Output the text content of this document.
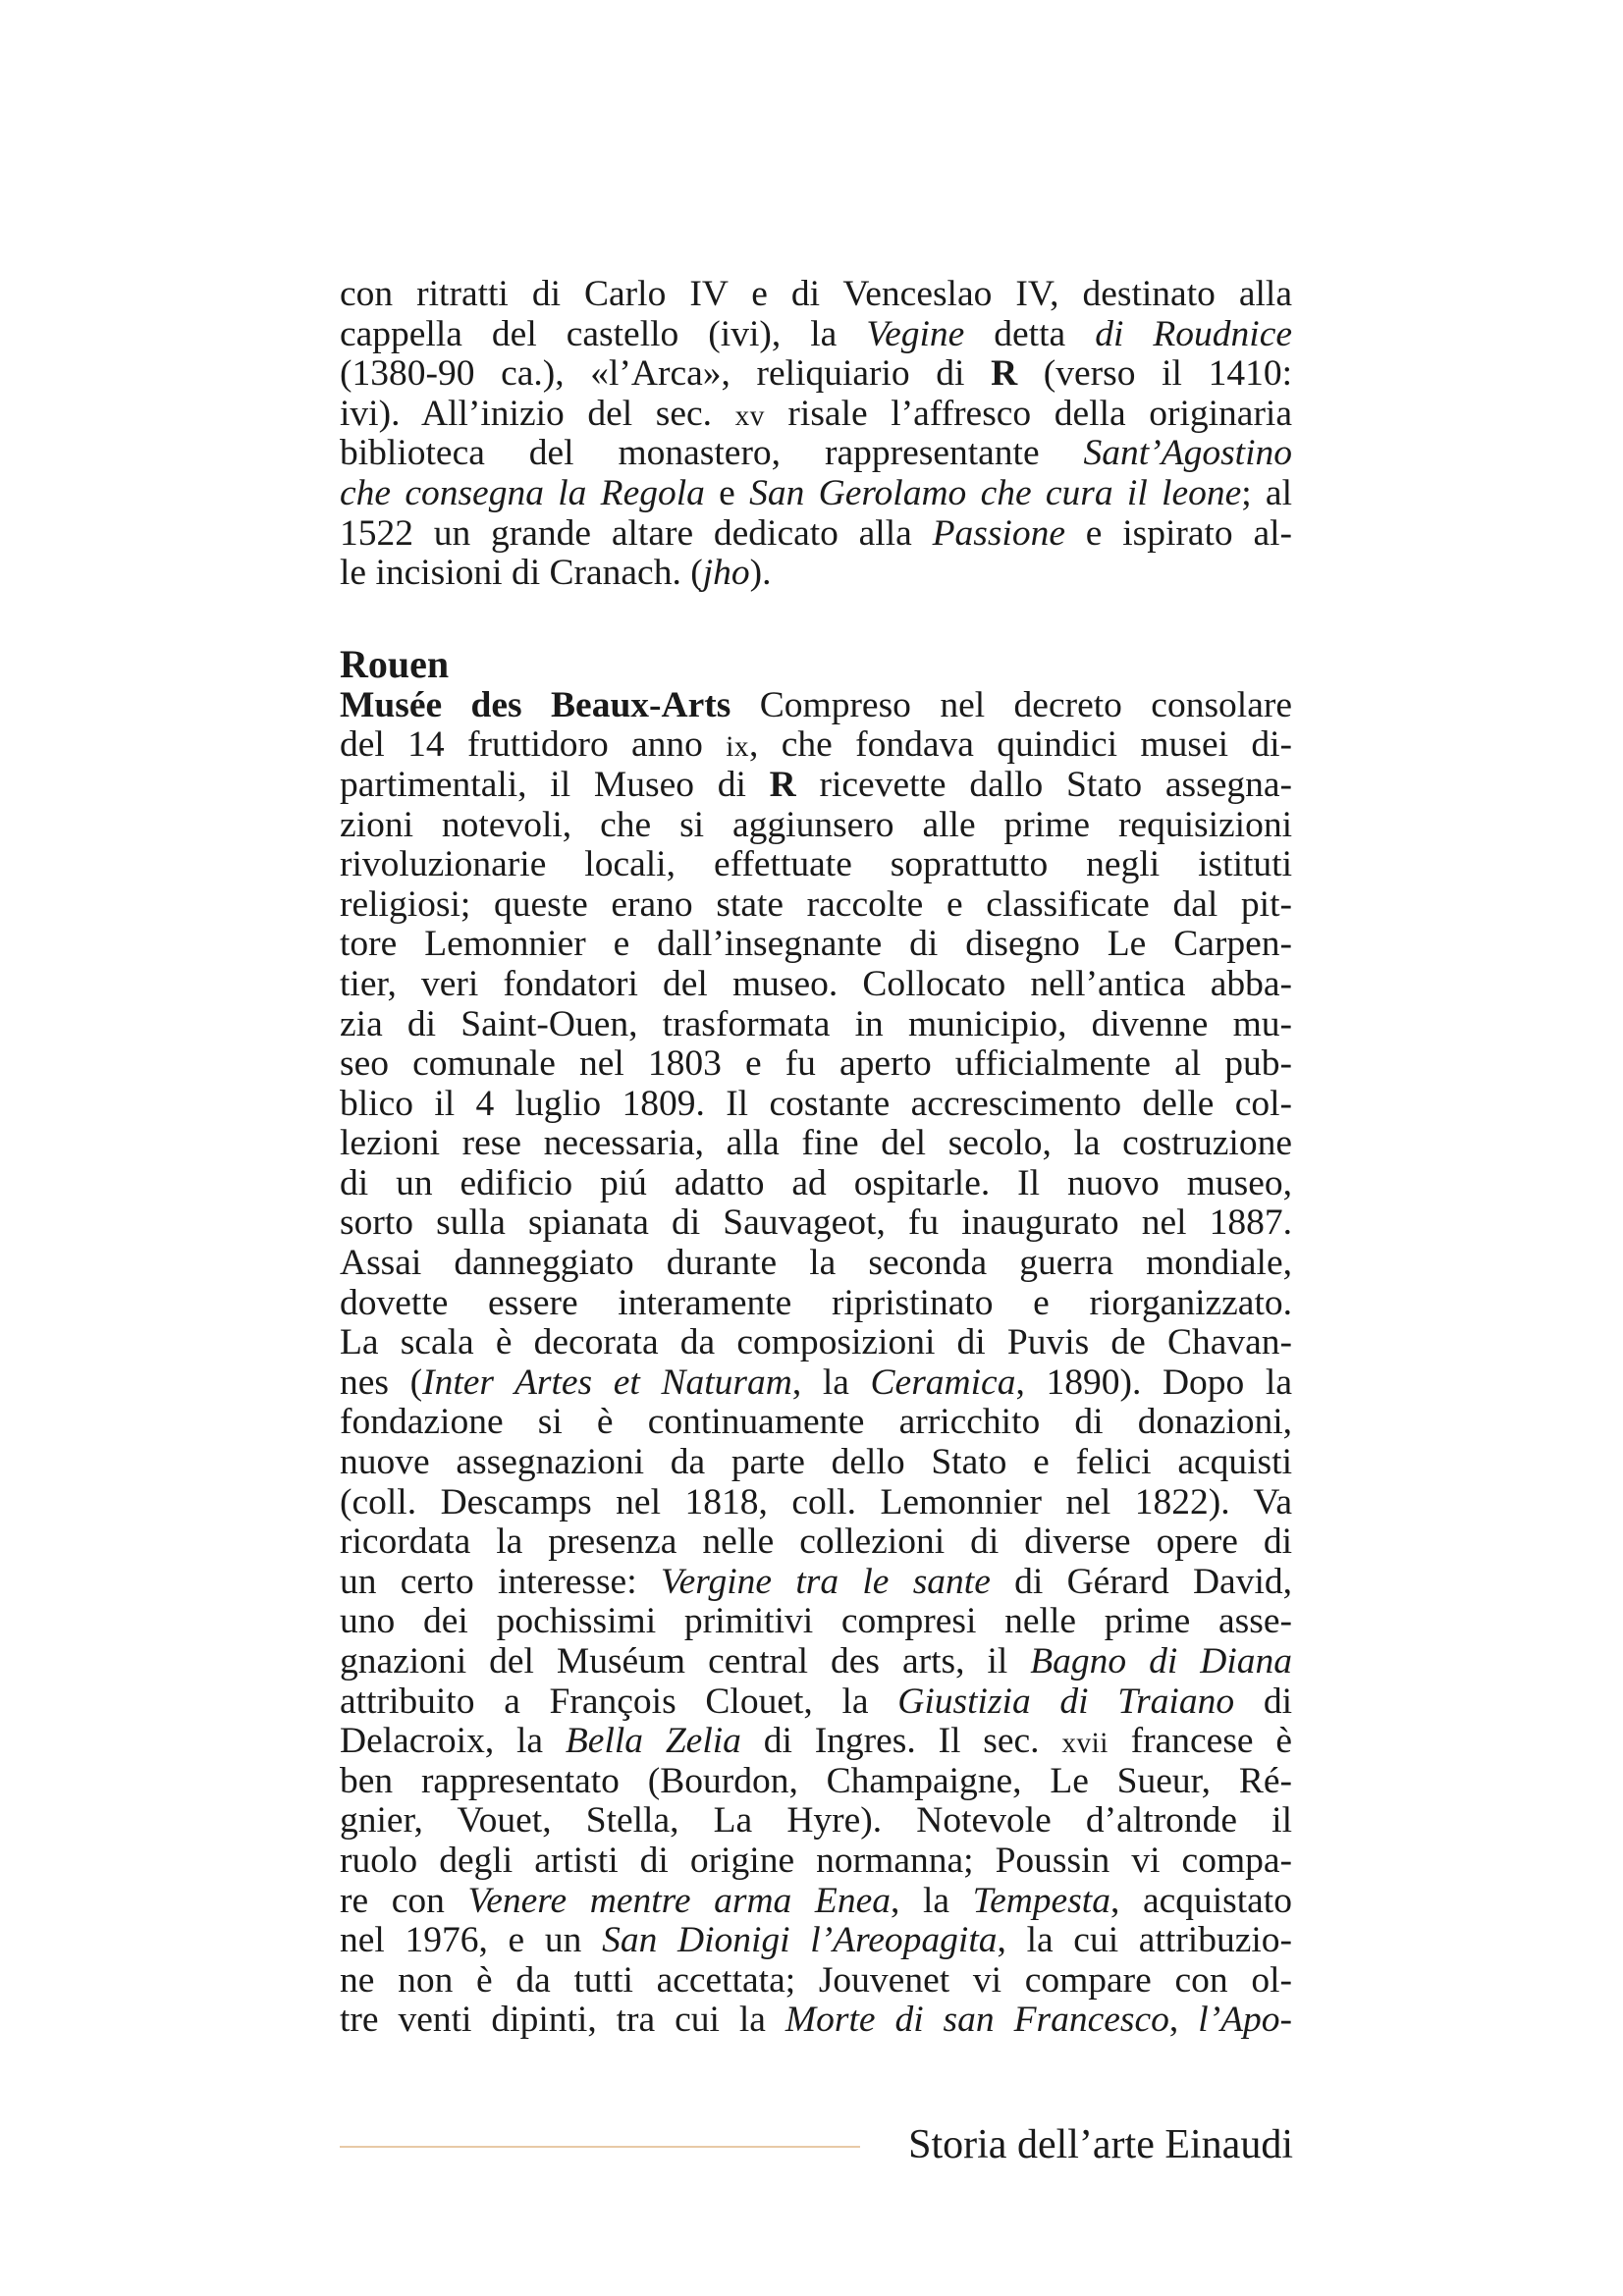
con ritratti di Carlo IV e di Venceslao IV, destinato alla
cappella del castello (ivi), la Vegine detta di Roudnice
(1380-90 ca.), «l’Arca», reliquiario di R (verso il 1410:
ivi). All’inizio del sec. xv risale l’affresco della originaria
biblioteca del monastero, rappresentante Sant’Agostino
che consegna la Regola e San Gerolamo che cura il leone; al
1522 un grande altare dedicato alla Passione e ispirato al-
le incisioni di Cranach. (jho).
Rouen
Musée des Beaux-Arts Compreso nel decreto consolare
del 14 fruttidoro anno ix, che fondava quindici musei di-
partimentali, il Museo di R ricevette dallo Stato assegna-
zioni notevoli, che si aggiunsero alle prime requisizioni
rivoluzionarie locali, effettuate soprattutto negli istituti
religiosi; queste erano state raccolte e classificate dal pit-
tore Lemonnier e dall’insegnante di disegno Le Carpen-
tier, veri fondatori del museo. Collocato nell’antica abba-
zia di Saint-Ouen, trasformata in municipio, divenne mu-
seo comunale nel 1803 e fu aperto ufficialmente al pub-
blico il 4 luglio 1809. Il costante accrescimento delle col-
lezioni rese necessaria, alla fine del secolo, la costruzione
di un edificio piú adatto ad ospitarle. Il nuovo museo,
sorto sulla spianata di Sauvageot, fu inaugurato nel 1887.
Assai danneggiato durante la seconda guerra mondiale,
dovette essere interamente ripristinato e riorganizzato.
La scala è decorata da composizioni di Puvis de Chavan-
nes (Inter Artes et Naturam, la Ceramica, 1890). Dopo la
fondazione si è continuamente arricchito di donazioni,
nuove assegnazioni da parte dello Stato e felici acquisti
(coll. Descamps nel 1818, coll. Lemonnier nel 1822). Va
ricordata la presenza nelle collezioni di diverse opere di
un certo interesse: Vergine tra le sante di Gérard David,
uno dei pochissimi primitivi compresi nelle prime asse-
gnazioni del Muséum central des arts, il Bagno di Diana
attribuito a François Clouet, la Giustizia di Traiano di
Delacroix, la Bella Zelia di Ingres. Il sec. xvii francese è
ben rappresentato (Bourdon, Champaigne, Le Sueur, Ré-
gnier, Vouet, Stella, La Hyre). Notevole d’altronde il
ruolo degli artisti di origine normanna; Poussin vi compa-
re con Venere mentre arma Enea, la Tempesta, acquistato
nel 1976, e un San Dionigi l’Areopagita, la cui attribuzio-
ne non è da tutti accettata; Jouvenet vi compare con ol-
tre venti dipinti, tra cui la Morte di san Francesco, l’Apo-
Storia dell’arte Einaudi
